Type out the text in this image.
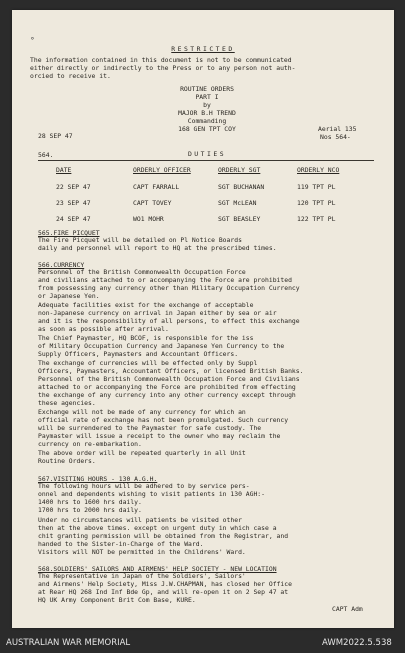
°
RESTRICTED
The information contained in this document is not to be communicated
either directly or indirectly to the Press or to any person not auth-
orcied to receive it.
ROUTINE ORDERS
PART I
by
MAJOR B.H TREND
Commanding
168 GEN TPT COY
28 SEP 47
Aerial 135
Nos 564-
564.	DUTIES
DATE	ORDERLY OFFICER	ORDERLY SGT	ORDERLY NCO
22 SEP 47	CAPT FARRALL	SGT BUCHANAN	119 TPT PL
23 SEP 47	CAPT TOVEY	SGT McLEAN	120 TPT PL
24 SEP 47	WO1 MOHR	SGT BEASLEY	122 TPT PL
565.FIRE PICQUET
The Fire Picquet will be detailed on Pl Notice Boards
daily and personnel will report to HQ at the prescribed times.
566.CURRENCY
Personnel of the British Commonwealth Occupation Force
and civilians attached to or accompanying the Force are prohibited
from possessing any currency other than Military Occupation Currency
or Japanese Yen.
Adequate facilities exist for the exchange of acceptable
non-Japanese currency on arrival in Japan either by sea or air
and it is the responsibility of all persons, to effect this exchange
as soon as possible after arrival.
The Chief Paymaster, HQ BCOF, is responsible for the iss
of Military Occupation Currency and Japanese Yen Currency to the
Supply Officers, Paymasters and Accountant Officers.
The exchange of currencies will be effected only by Suppl
Officers, Paymasters, Accountant Officers, or licensed British Banks.
Personnel of the British Commonwealth Occupation Force and Civilians
attached to or accompanying the Force are prohibited from effecting
the exchange of any currency into any other currency except through
these agencies.
Exchange will not be made of any currency for which an
official rate of exchange has not been promulgated. Such currency
will be surrendered to the Paymaster for safe custody. The
Paymaster will issue a receipt to the owner who may reclaim the
currency on re-embarkation.
The above order will be repeated quarterly in all Unit
Routine Orders.
567.VISITING HOURS - 130 A.G.H.
The following hours will be adhered to by service pers-
onnel and dependents wishing to visit patients in 130 AGH:-
1400 hrs to 1600 hrs daily.
1700 hrs to 2000 hrs daily.
Under no circumstances will patients be visited other
then at the above times. except on urgent duty in which case a
chit granting permission will be obtained from the Registrar, and
handed to the Sister-in-Charge of the Ward.
Visitors will NOT be permitted in the Childrens' Ward.
568.SOLDIERS' SAILORS AND AIRMENS' HELP SOCIETY - NEW LOCATION
The Representative in Japan of the Soldiers', Sailors'
and Airmens' Help Society, Miss J.W.CHAPMAN, has closed her Office
at Rear HQ 268 Ind Inf Bde Gp, and will re-open it on 2 Sep 47 at
HQ UK Army Component Brit Com Base, KURE.
CAPT Adm
AUSTRALIAN WAR MEMORIAL	AWM2022.5.538
